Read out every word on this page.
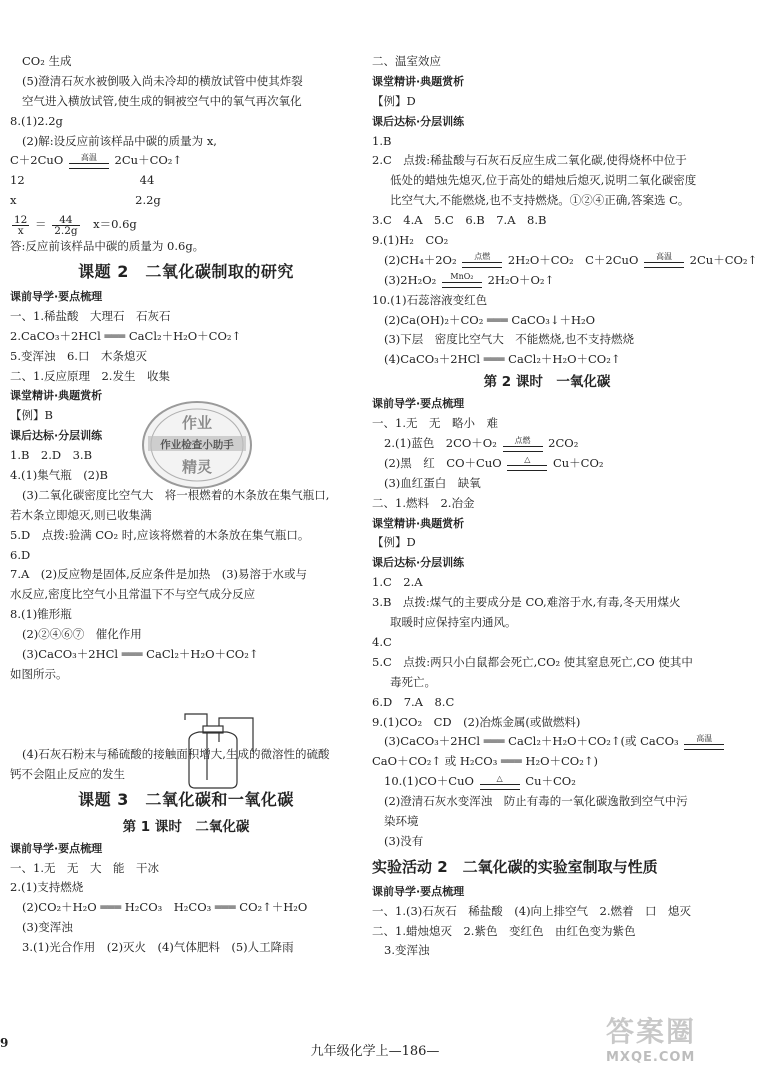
CO₂ 生成
(5)澄清石灰水被倒吸入尚未冷却的横放试管中使其炸裂
空气进入横放试管,使生成的铜被空气中的氧气再次氧化
8.(1)2.2g
(2)解:设反应前该样品中碳的质量为 x,
C＋2CuO	高温	2Cu＋CO₂↑
12　　　　　　　　　　44
x　　　　　　　　　　 2.2g
$\frac{12}{x} = \frac{44}{2.2g}$ 　x＝0.6g
答:反应前该样品中碳的质量为 0.6g。
课题 2　二氧化碳制取的研究
课前导学·要点梳理
一、1.稀盐酸　大理石　石灰石
2.CaCO₃＋2HCl ═══ CaCl₂＋H₂O＋CO₂↑
5.变浑浊　6.口　木条熄灭
二、1.反应原理　2.发生　收集
课堂精讲·典题赏析
【例】B
课后达标·分层训练
1.B　2.D　3.B
4.(1)集气瓶　(2)B
(3)二氧化碳密度比空气大　将一根燃着的木条放在集气瓶口,
若木条立即熄灭,则已收集满
5.D　点拨:验满 CO₂ 时,应该将燃着的木条放在集气瓶口。
6.D
7.A　(2)反应物是固体,反应条件是加热　(3)易溶于水或与
水反应,密度比空气小且常温下不与空气成分反应
8.(1)锥形瓶
(2)②④⑥⑦　催化作用
(3)CaCO₃＋2HCl ═══ CaCl₂＋H₂O＋CO₂↑
如图所示。
(4)石灰石粉末与稀硫酸的接触面积增大,生成的微溶性的硫酸
钙不会阻止反应的发生
课题 3　二氧化碳和一氧化碳
第 1 课时　二氧化碳
课前导学·要点梳理
一、1.无　无　大　能　干冰
2.(1)支持燃烧
(2)CO₂＋H₂O ═══ H₂CO₃　H₂CO₃ ═══ CO₂↑＋H₂O
(3)变浑浊
3.(1)光合作用　(2)灭火　(4)气体肥料　(5)人工降雨
二、温室效应
课堂精讲·典题赏析
【例】D
课后达标·分层训练
1.B
2.C　点拨:稀盐酸与石灰石反应生成二氧化碳,使得烧杯中位于
低处的蜡烛先熄灭,位于高处的蜡烛后熄灭,说明二氧化碳密度
比空气大,不能燃烧,也不支持燃烧。①②④正确,答案选 C。
3.C　4.A　5.C　6.B　7.A　8.B
9.(1)H₂　CO₂
(2)CH₄＋2O₂	点燃	2H₂O＋CO₂　C＋2CuO	高温	2Cu＋CO₂↑
(3)2H₂O₂	MnO₂ 2H₂O＋O₂↑
10.(1)石蕊溶液变红色
(2)Ca(OH)₂＋CO₂ ═══ CaCO₃↓＋H₂O
(3)下层　密度比空气大　不能燃烧,也不支持燃烧
(4)CaCO₃＋2HCl ═══ CaCl₂＋H₂O＋CO₂↑
第 2 课时　一氧化碳
课前导学·要点梳理
一、1.无　无　略小　难
2.(1)蓝色　2CO＋O₂	点燃	2CO₂
(2)黑　红　CO＋CuO	△	Cu＋CO₂
(3)血红蛋白　缺氧
二、1.燃料　2.冶金
课堂精讲·典题赏析
【例】D
课后达标·分层训练
1.C　2.A
3.B　点拨:煤气的主要成分是 CO,难溶于水,有毒,冬天用煤火
取暖时应保持室内通风。
4.C
5.C　点拨:两只小白鼠都会死亡,CO₂ 使其窒息死亡,CO 使其中
毒死亡。
6.D　7.A　8.C
9.(1)CO₂　CD　(2)冶炼金属(或做燃料)
(3)CaCO₃＋2HCl ═══ CaCl₂＋H₂O＋CO₂↑(或 CaCO₃	高温
CaO＋CO₂↑ 或 H₂CO₃ ═══ H₂O＋CO₂↑)
10.(1)CO＋CuO	△	Cu＋CO₂
(2)澄清石灰水变浑浊　防止有毒的一氧化碳逸散到空气中污
染环境
(3)没有
实验活动 2　二氧化碳的实验室制取与性质
课前导学·要点梳理
一、1.(3)石灰石　稀盐酸　(4)向上排空气　2.燃着　口　熄灭
二、1.蜡烛熄灭　2.紫色　变红色　由红色变为紫色
3.变浑浊
作业
作业检查小助手
精灵
9
九年级化学上—186—
答案圈
MXQE.COM
